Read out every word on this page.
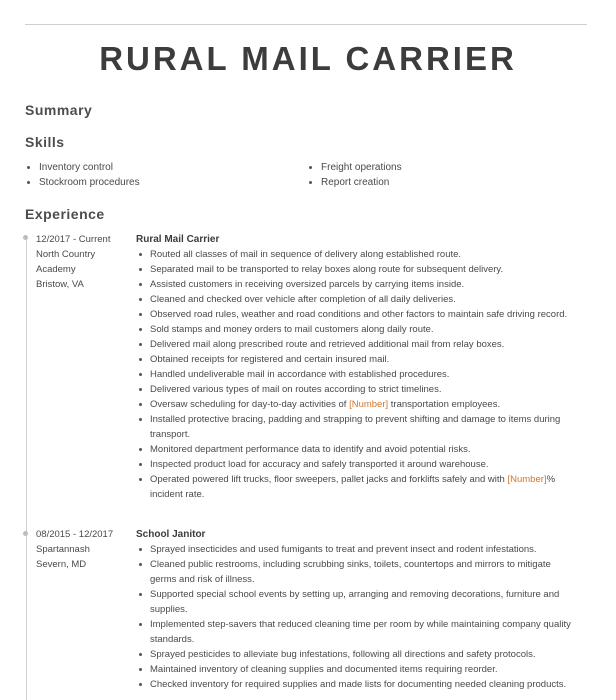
RURAL MAIL CARRIER
Summary
Skills
Inventory control
Stockroom procedures
Freight operations
Report creation
Experience
12/2017 - Current
North Country
Academy
Bristow, VA
Rural Mail Carrier
Routed all classes of mail in sequence of delivery along established route.
Separated mail to be transported to relay boxes along route for subsequent delivery.
Assisted customers in receiving oversized parcels by carrying items inside.
Cleaned and checked over vehicle after completion of all daily deliveries.
Observed road rules, weather and road conditions and other factors to maintain safe driving record.
Sold stamps and money orders to mail customers along daily route.
Delivered mail along prescribed route and retrieved additional mail from relay boxes.
Obtained receipts for registered and certain insured mail.
Handled undeliverable mail in accordance with established procedures.
Delivered various types of mail on routes according to strict timelines.
Oversaw scheduling for day-to-day activities of [Number] transportation employees.
Installed protective bracing, padding and strapping to prevent shifting and damage to items during transport.
Monitored department performance data to identify and avoid potential risks.
Inspected product load for accuracy and safely transported it around warehouse.
Operated powered lift trucks, floor sweepers, pallet jacks and forklifts safely and with [Number]% incident rate.
08/2015 - 12/2017
Spartannash
Severn, MD
School Janitor
Sprayed insecticides and used fumigants to treat and prevent insect and rodent infestations.
Cleaned public restrooms, including scrubbing sinks, toilets, countertops and mirrors to mitigate germs and risk of illness.
Supported special school events by setting up, arranging and removing decorations, furniture and supplies.
Implemented step-savers that reduced cleaning time per room by while maintaining company quality standards.
Sprayed pesticides to alleviate bug infestations, following all directions and safety protocols.
Maintained inventory of cleaning supplies and documented items requiring reorder.
Checked inventory for required supplies and made lists for documenting needed cleaning products.
